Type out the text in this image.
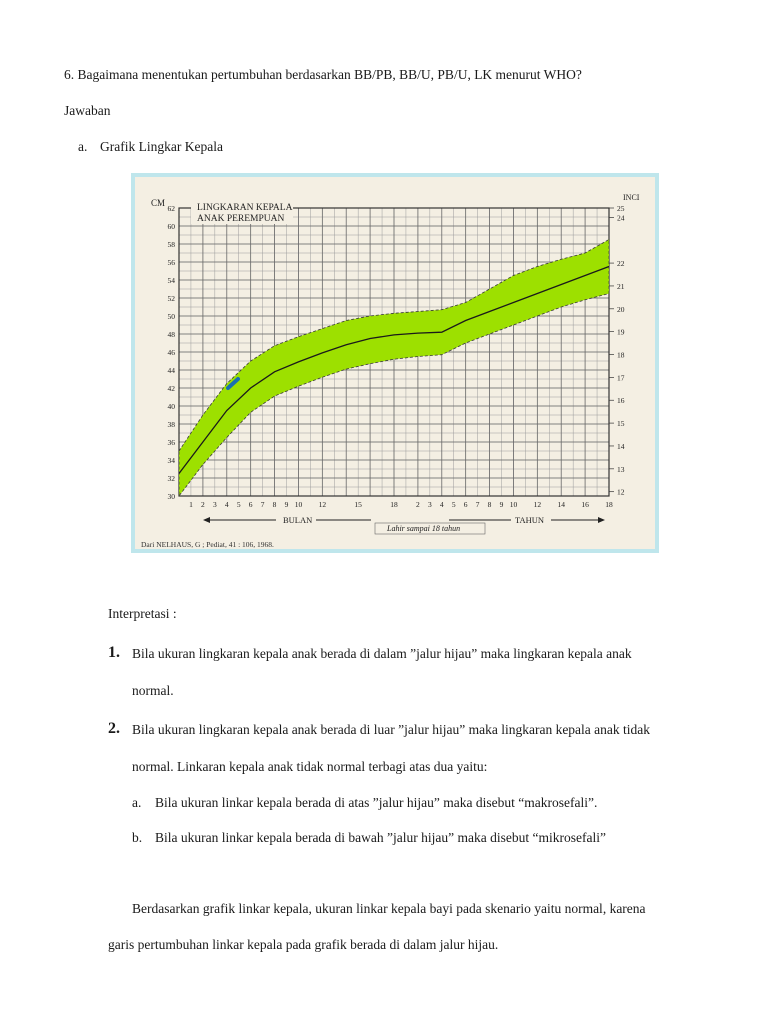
6. Bagaimana menentukan pertumbuhan berdasarkan BB/PB, BB/U, PB/U, LK menurut WHO?
Jawaban
a. Grafik Lingkar Kepala
30
32
34
36
38
40
42
44
46
48
50
52
54
56
58
60
62
12
13
14
15
16
17
18
19
20
21
22
24
25
1 2 3 4 5 6 7 8 9 10 12	15	18 2 3 4 5 6 7 8 9 10 12 14 16 18
LINGKARAN KEPALA
ANAK PEREMPUAN
CM
INCI
BULAN	TAHUN
Lahir sampai 18 tahun
Dari NELHAUS, G ; Pediat, 41 : 106, 1968.
Interpretasi :
1. Bila ukuran lingkaran kepala anak berada di dalam ”jalur hijau” maka lingkaran kepala anak
normal.
2. Bila ukuran lingkaran kepala anak berada di luar ”jalur hijau” maka lingkaran kepala anak tidak
normal. Linkaran kepala anak tidak normal terbagi atas dua yaitu:
a. Bila ukuran linkar kepala berada di atas ”jalur hijau” maka disebut “makrosefali”.
b. Bila ukuran linkar kepala berada di bawah ”jalur hijau” maka disebut “mikrosefali”
Berdasarkan grafik linkar kepala, ukuran linkar kepala bayi pada skenario yaitu normal, karena
garis pertumbuhan linkar kepala pada grafik berada di dalam jalur hijau.
